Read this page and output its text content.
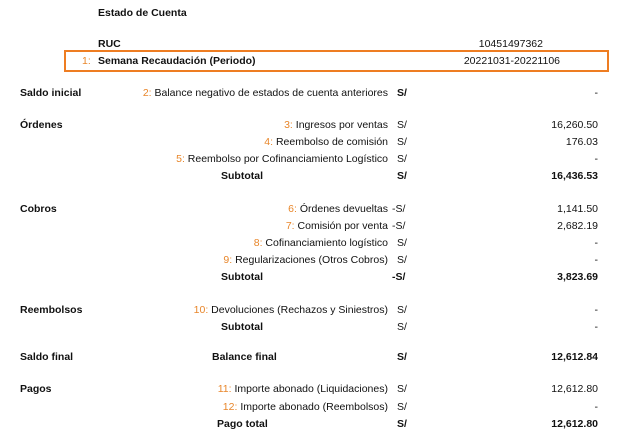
Estado de Cuenta
RUC	10451497362
1: Semana Recaudación (Periodo)	20221031-20221106
Saldo inicial	2: Balance negativo de estados de cuenta anteriores S/	-
Órdenes	3: Ingresos por ventas S/	16,260.50
4: Reembolso de comisión S/	176.03
5: Reembolso por Cofinanciamiento Logístico S/	-
Subtotal	S/	16,436.53
Cobros	6: Órdenes devueltas -S/	1,141.50
7: Comisión por venta -S/	2,682.19
8: Cofinanciamiento logístico S/	-
9: Regularizaciones (Otros Cobros) S/	-
Subtotal	-S/	3,823.69
Reembolsos	10: Devoluciones (Rechazos y Siniestros) S/	-
Subtotal	S/	-
Saldo final	Balance final	S/	12,612.84
Pagos	11: Importe abonado (Liquidaciones) S/	12,612.80
12: Importe abonado (Reembolsos) S/	-
Pago total	S/	12,612.80
